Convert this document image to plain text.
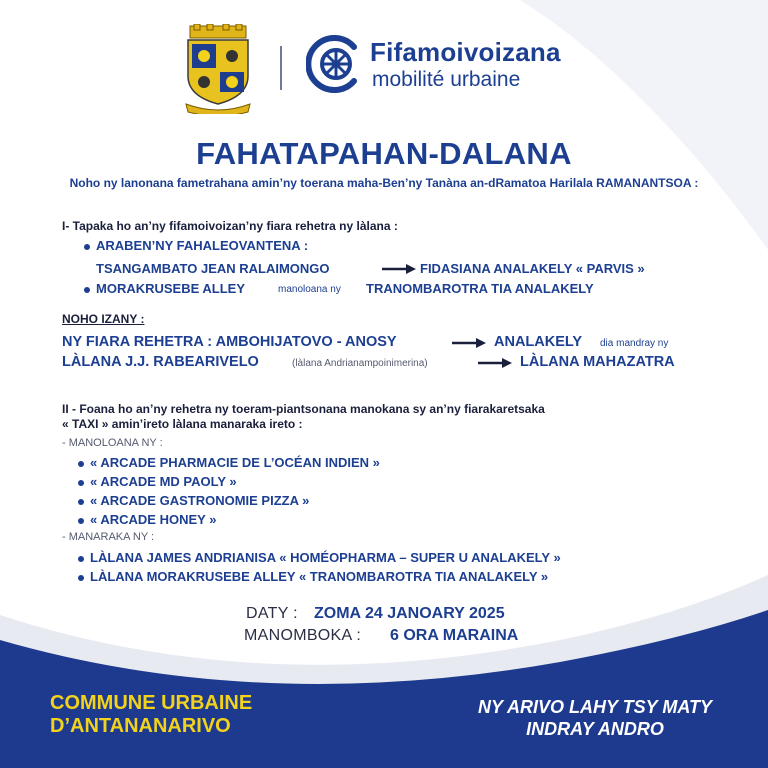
Fifamoivoizana
mobilité urbaine
FAHATAPAHAN-DALANA
Noho ny lanonana fametrahana amin’ny toerana maha-Ben’ny Tanàna an-dRamatoa Harilala RAMANANTSOA :
I- Tapaka ho an’ny fifamoivoizan’ny fiara rehetra ny làlana :
ARABEN’NY FAHALEOVANTENA :
TSANGAMBATO JEAN RALAIMONGO	FIDASIANA ANALAKELY « PARVIS »
MORAKRUSEBE ALLEY	manoloana ny TRANOMBAROTRA TIA ANALAKELY
NOHO IZANY :
NY FIARA REHETRA : AMBOHIJATOVO - ANOSY	ANALAKELY dia mandray ny
LÀLANA J.J. RABEARIVELO	(làlana Andrianampoinimerina)	LÀLANA MAHAZATRA
II - Foana ho an’ny rehetra ny toeram-piantsonana manokana sy an’ny fiarakaretsaka
« TAXI » amin’ireto làlana manaraka ireto :
- MANOLOANA NY :
« ARCADE PHARMACIE DE L’OCÉAN INDIEN »
« ARCADE MD PAOLY »
« ARCADE GASTRONOMIE PIZZA »
« ARCADE HONEY »
- MANARAKA NY :
LÀLANA JAMES ANDRIANISA « HOMÉOPHARMA – SUPER U ANALAKELY »
LÀLANA MORAKRUSEBE ALLEY « TRANOMBAROTRA TIA ANALAKELY »
DATY : ZOMA 24 JANOARY 2025
MANOMBOKA : 6 ORA MARAINA
COMMUNE URBAINE
D’ANTANANARIVO
NY ARIVO LAHY TSY MATY
INDRAY ANDRO
